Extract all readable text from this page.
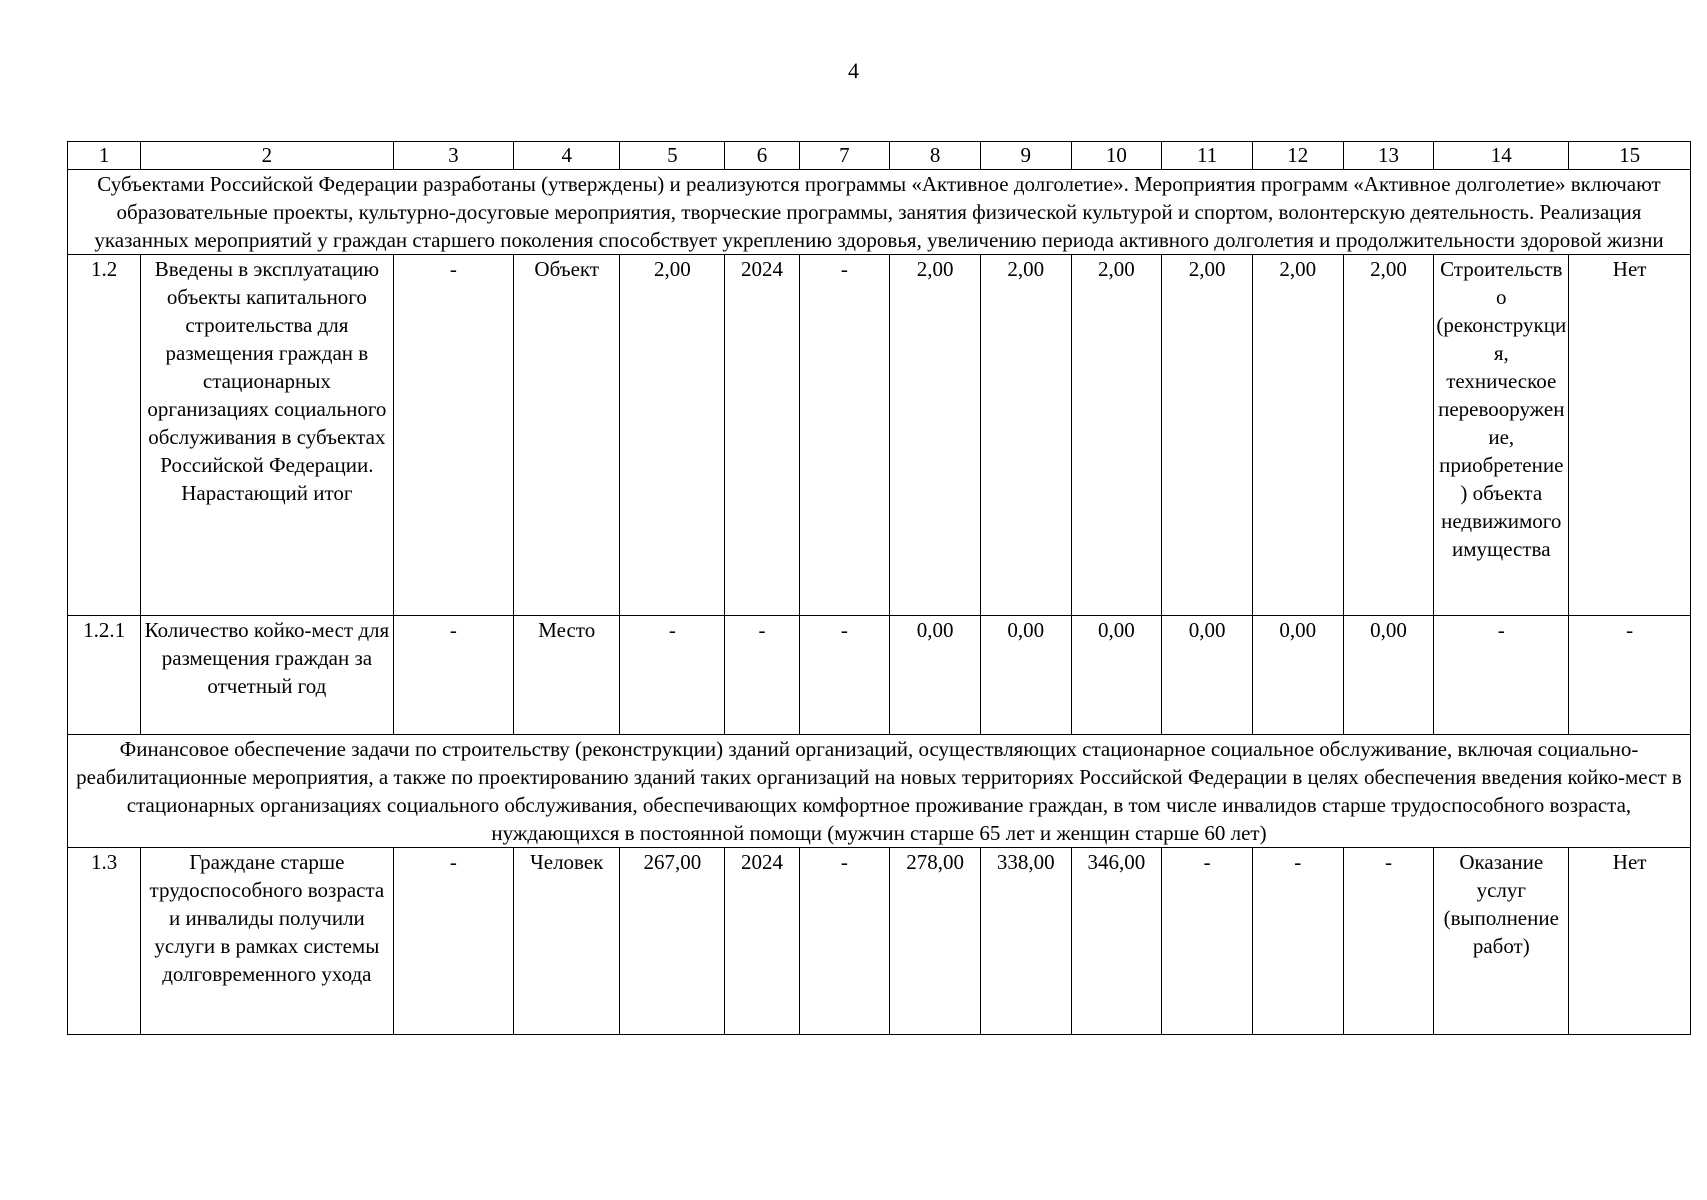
4
1	2	3	4	5	6	7	8	9	10	11	12	13	14	15
Субъектами Российской Федерации разработаны (утверждены) и реализуются программы «Активное долголетие». Мероприятия программ «Активное долголетие» включают образовательные проекты, культурно-досуговые мероприятия, творческие программы, занятия физической культурой и спортом, волонтерскую деятельность. Реализация указанных мероприятий у граждан старшего поколения способствует укреплению здоровья, увеличению периода активного долголетия и продолжительности здоровой жизни														
1.2	Введены в эксплуатацию объекты капитального строительства для размещения граждан в стационарных организациях социального обслуживания в субъектах Российской Федерации. Нарастающий итог	-	Объект	2,00	2024	-	2,00	2,00	2,00	2,00	2,00	2,00	Строительство (реконструкция, техническое перевооружение, приобретение) объекта недвижимого имущества	Нет
1.2.1	Количество койко-мест для размещения граждан за отчетный год	-	Место	-	-	-	0,00	0,00	0,00	0,00	0,00	0,00	-	-
Финансовое обеспечение задачи по строительству (реконструкции) зданий организаций, осуществляющих стационарное социальное обслуживание, включая социально-реабилитационные мероприятия, а также по проектированию зданий таких организаций на новых территориях Российской Федерации в целях обеспечения введения койко-мест в стационарных организациях социального обслуживания, обеспечивающих комфортное проживание граждан, в том числе инвалидов старше трудоспособного возраста, нуждающихся в постоянной помощи (мужчин старше 65 лет и женщин старше 60 лет)														
1.3	Граждане старше трудоспособного возраста и инвалиды получили услуги в рамках системы долговременного ухода	-	Человек	267,00	2024	-	278,00	338,00	346,00	-	-	-	Оказание услуг (выполнение работ)	Нет
